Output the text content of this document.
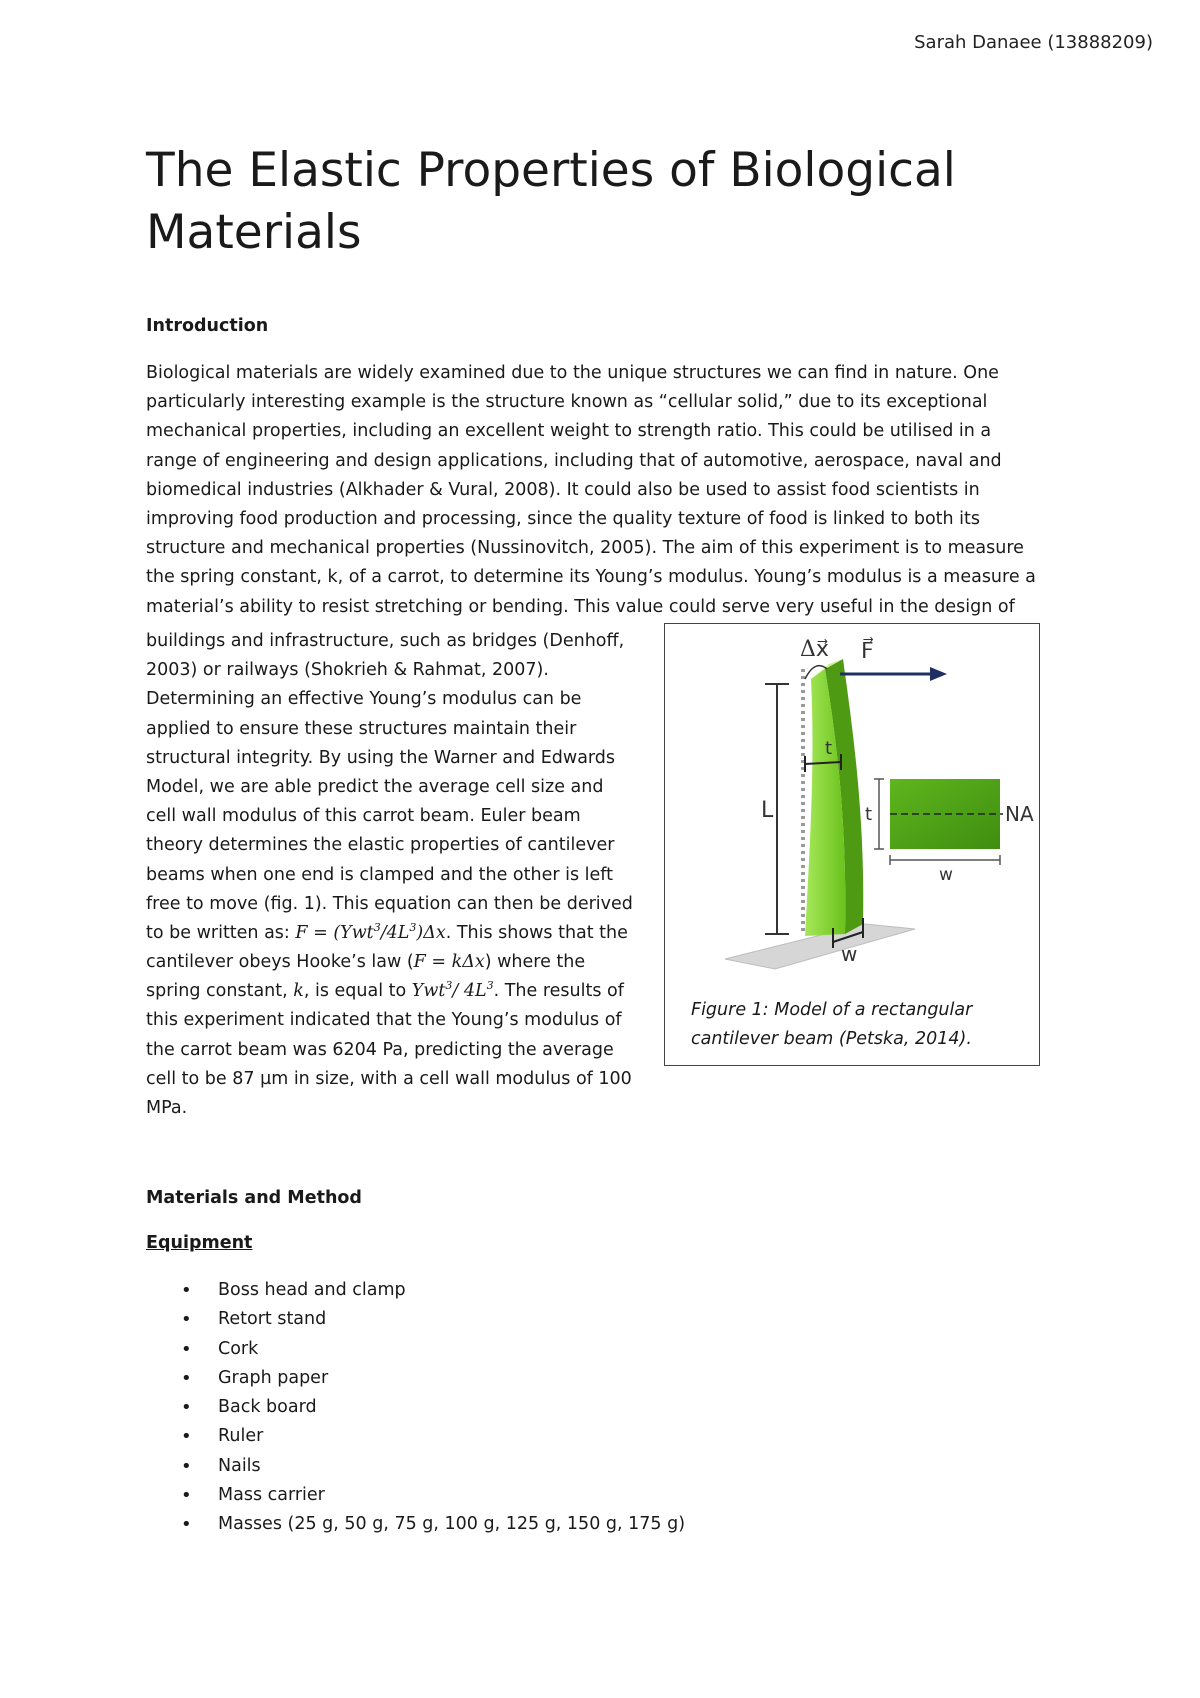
Sarah Danaee (13888209)
The Elastic Properties of Biological Materials
Introduction
Biological materials are widely examined due to the unique structures we can find in nature. One
particularly interesting example is the structure known as “cellular solid,” due to its exceptional
mechanical properties, including an excellent weight to strength ratio. This could be utilised in a
range of engineering and design applications, including that of automotive, aerospace, naval and
biomedical industries (Alkhader & Vural, 2008). It could also be used to assist food scientists in
improving food production and processing, since the quality texture of food is linked to both its
structure and mechanical properties (Nussinovitch, 2005). The aim of this experiment is to measure
the spring constant, k, of a carrot, to determine its Young’s modulus. Young’s modulus is a measure a
material’s ability to resist stretching or bending. This value could serve very useful in the design of
buildings and infrastructure, such as bridges (Denhoff,
2003) or railways (Shokrieh & Rahmat, 2007).
Determining an effective Young’s modulus can be
applied to ensure these structures maintain their
structural integrity. By using the Warner and Edwards
Model, we are able predict the average cell size and
cell wall modulus of this carrot beam. Euler beam
theory determines the elastic properties of cantilever
beams when one end is clamped and the other is left
free to move (fig. 1). This equation can then be derived
to be written as: $F = (Ywt^3/4L^3)\Delta x$. This shows that the
cantilever obeys Hooke’s law (F = kΔx) where the
spring constant, k, is equal to Ywt$^3$/ $4L^3$. The results of
this experiment indicated that the Young’s modulus of
the carrot beam was 6204 Pa, predicting the average
cell to be 87 µm in size, with a cell wall modulus of 100
MPa.
Δx⃗ F⃗
L
t
t	NA
w
w
Figure 1: Model of a rectangular cantilever beam (Petska, 2014).
Materials and Method
Equipment
• Boss head and clamp
• Retort stand
• Cork
• Graph paper
• Back board
• Ruler
• Nails
• Mass carrier
• Masses (25 g, 50 g, 75 g, 100 g, 125 g, 150 g, 175 g)
